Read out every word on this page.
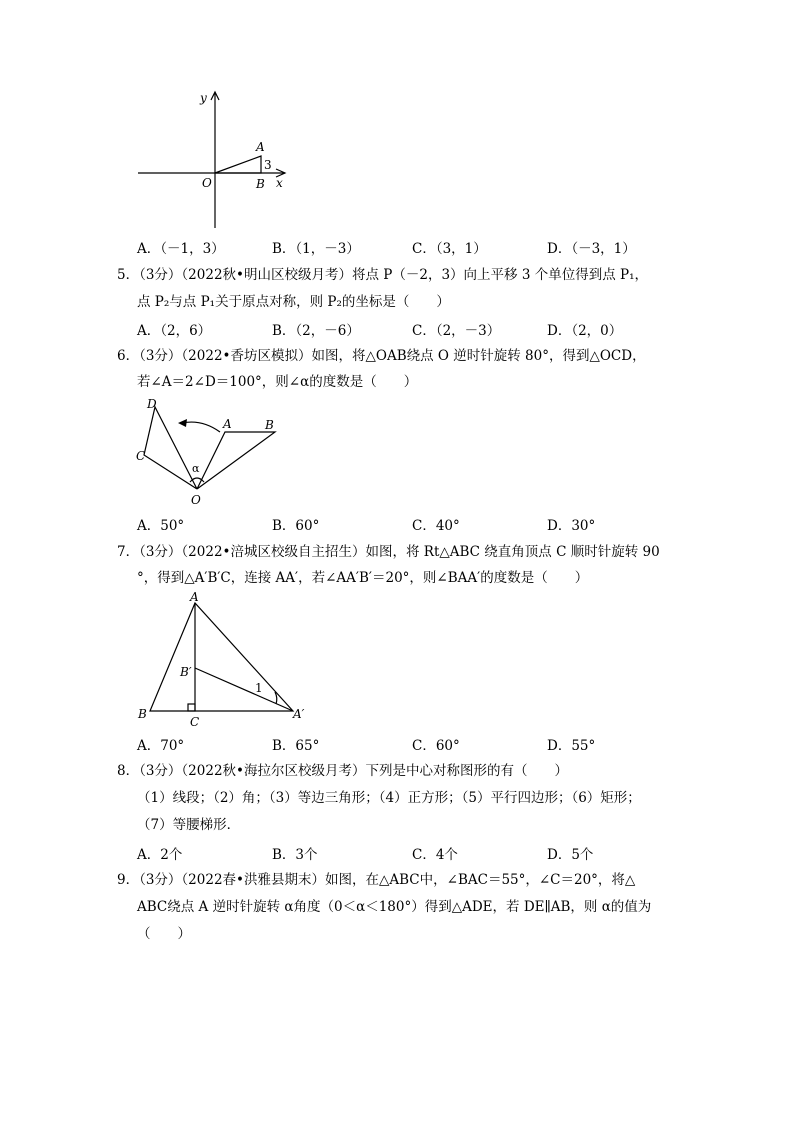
y
x
O
A
B
3
A．（－1，3）	B．（1，－3）	C．（3，1）	D．（－3，1）
5．（3分）（2022秋•明山区校级月考）将点 P（－2，3）向上平移 3 个单位得到点 P₁，
点 P₂与点 P₁关于原点对称，则 P₂的坐标是（　　）
A．（2，6）	B．（2，－6）	C．（2，－3）	D．（2，0）
6．（3分）（2022•香坊区模拟）如图，将△OAB绕点 O 逆时针旋转 80°，得到△OCD，
若∠A＝2∠D＝100°，则∠α的度数是（　　）
D
C
A	B
O
α
A．50°	B．60°	C．40°	D．30°
7．（3分）（2022•涪城区校级自主招生）如图，将 Rt△ABC 绕直角顶点 C 顺时针旋转 90
°，得到△A′B′C，连接 AA′，若∠AA′B′＝20°，则∠BAA′的度数是（　　）
A
B′
1
B
C
A′
A．70°	B．65°	C．60°	D．55°
8．（3分）（2022秋•海拉尔区校级月考）下列是中心对称图形的有（　　）
（1）线段；（2）角；（3）等边三角形；（4）正方形；（5）平行四边形；（6）矩形；
（7）等腰梯形．
A．2个	B．3个	C．4个	D．5个
9．（3分）（2022春•洪雅县期末）如图，在△ABC中，∠BAC＝55°，∠C＝20°，将△
ABC绕点 A 逆时针旋转 α角度（0＜α＜180°）得到△ADE，若 DE∥AB，则 α的值为
（　　）
